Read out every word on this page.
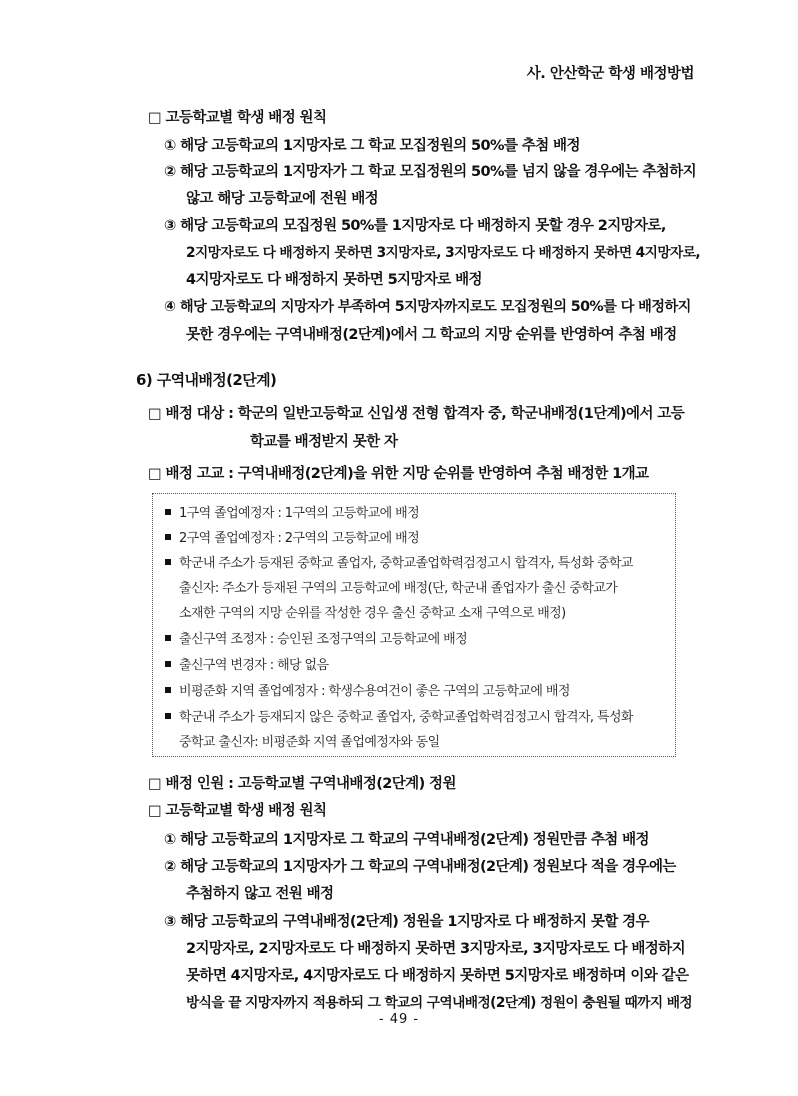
사. 안산학군 학생 배정방법
□ 고등학교별 학생 배정 원칙
① 해당 고등학교의 1지망자로 그 학교 모집정원의 50%를 추첨 배정
② 해당 고등학교의 1지망자가 그 학교 모집정원의 50%를 넘지 않을 경우에는 추첨하지
않고 해당 고등학교에 전원 배정
③ 해당 고등학교의 모집정원 50%를 1지망자로 다 배정하지 못할 경우 2지망자로,
2지망자로도 다 배정하지 못하면 3지망자로, 3지망자로도 다 배정하지 못하면 4지망자로,
4지망자로도 다 배정하지 못하면 5지망자로 배정
④ 해당 고등학교의 지망자가 부족하여 5지망자까지로도 모집정원의 50%를 다 배정하지
못한 경우에는 구역내배정(2단계)에서 그 학교의 지망 순위를 반영하여 추첨 배정
6) 구역내배정(2단계)
□ 배정 대상 : 학군의 일반고등학교 신입생 전형 합격자 중, 학군내배정(1단계)에서 고등
학교를 배정받지 못한 자
□ 배정 고교 : 구역내배정(2단계)을 위한 지망 순위를 반영하여 추첨 배정한 1개교
1구역 졸업예정자 : 1구역의 고등학교에 배정
2구역 졸업예정자 : 2구역의 고등학교에 배정
학군내 주소가 등재된 중학교 졸업자, 중학교졸업학력검정고시 합격자, 특성화 중학교
출신자: 주소가 등재된 구역의 고등학교에 배정(단, 학군내 졸업자가 출신 중학교가
소재한 구역의 지망 순위를 작성한 경우 출신 중학교 소재 구역으로 배정)
출신구역 조정자 : 승인된 조정구역의 고등학교에 배정
출신구역 변경자 : 해당 없음
비평준화 지역 졸업예정자 : 학생수용여건이 좋은 구역의 고등학교에 배정
학군내 주소가 등재되지 않은 중학교 졸업자, 중학교졸업학력검정고시 합격자, 특성화
중학교 출신자: 비평준화 지역 졸업예정자와 동일
□ 배정 인원 : 고등학교별 구역내배정(2단계) 정원
□ 고등학교별 학생 배정 원칙
① 해당 고등학교의 1지망자로 그 학교의 구역내배정(2단계) 정원만큼 추첨 배정
② 해당 고등학교의 1지망자가 그 학교의 구역내배정(2단계) 정원보다 적을 경우에는
추첨하지 않고 전원 배정
③ 해당 고등학교의 구역내배정(2단계) 정원을 1지망자로 다 배정하지 못할 경우
2지망자로, 2지망자로도 다 배정하지 못하면 3지망자로, 3지망자로도 다 배정하지
못하면 4지망자로, 4지망자로도 다 배정하지 못하면 5지망자로 배정하며 이와 같은
방식을 끝 지망자까지 적용하되 그 학교의 구역내배정(2단계) 정원이 충원될 때까지 배정
- 49 -
